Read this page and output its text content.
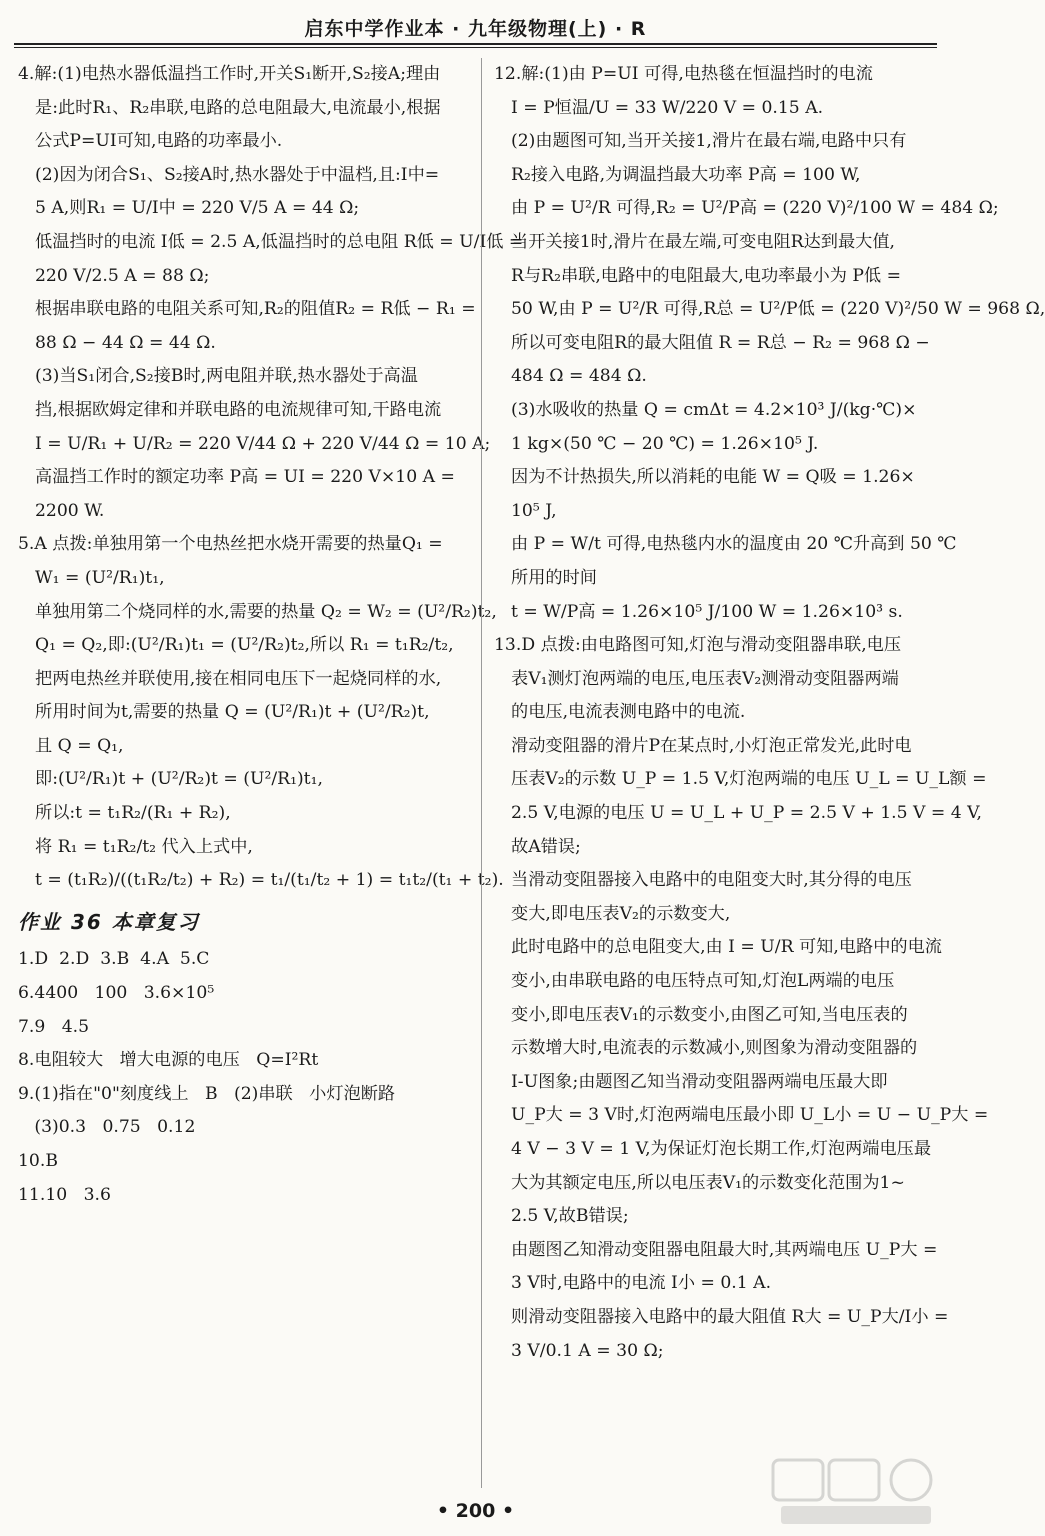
启东中学作业本 · 九年级物理(上) · R
4.解:(1)电热水器低温挡工作时,开关S₁断开,S₂接A;理由
是:此时R₁、R₂串联,电路的总电阻最大,电流最小,根据
公式P=UI可知,电路的功率最小.
(2)因为闭合S₁、S₂接A时,热水器处于中温档,且:I中=
5 A,则R₁ = U/I中 = 220 V/5 A = 44 Ω;
低温挡时的电流 I低 = 2.5 A,低温挡时的总电阻 R低 = U/I低 =
220 V/2.5 A = 88 Ω;
根据串联电路的电阻关系可知,R₂的阻值R₂ = R低 − R₁ =
88 Ω − 44 Ω = 44 Ω.
(3)当S₁闭合,S₂接B时,两电阻并联,热水器处于高温
挡,根据欧姆定律和并联电路的电流规律可知,干路电流
I = U/R₁ + U/R₂ = 220 V/44 Ω + 220 V/44 Ω = 10 A;
高温挡工作时的额定功率 P高 = UI = 220 V×10 A =
2200 W.
5.A 点拨:单独用第一个电热丝把水烧开需要的热量Q₁ =
W₁ = (U²/R₁)t₁,
单独用第二个烧同样的水,需要的热量 Q₂ = W₂ = (U²/R₂)t₂,
Q₁ = Q₂,即:(U²/R₁)t₁ = (U²/R₂)t₂,所以 R₁ = t₁R₂/t₂,
把两电热丝并联使用,接在相同电压下一起烧同样的水,
所用时间为t,需要的热量 Q = (U²/R₁)t + (U²/R₂)t,
且 Q = Q₁,
即:(U²/R₁)t + (U²/R₂)t = (U²/R₁)t₁,
所以:t = t₁R₂/(R₁ + R₂),
将 R₁ = t₁R₂/t₂ 代入上式中,
t = (t₁R₂)/((t₁R₂/t₂) + R₂) = t₁/(t₁/t₂ + 1) = t₁t₂/(t₁ + t₂).
作业 36 本章复习
1.D  2.D  3.B  4.A  5.C
6.4400   100   3.6×10⁵
7.9   4.5
8.电阻较大   增大电源的电压   Q=I²Rt
9.(1)指在"0"刻度线上   B   (2)串联   小灯泡断路
(3)0.3   0.75   0.12
10.B
11.10   3.6
12.解:(1)由 P=UI 可得,电热毯在恒温挡时的电流
I = P恒温/U = 33 W/220 V = 0.15 A.
(2)由题图可知,当开关接1,滑片在最右端,电路中只有
R₂接入电路,为调温挡最大功率 P高 = 100 W,
由 P = U²/R 可得,R₂ = U²/P高 = (220 V)²/100 W = 484 Ω;
当开关接1时,滑片在最左端,可变电阻R达到最大值,
R与R₂串联,电路中的电阻最大,电功率最小为 P低 =
50 W,由 P = U²/R 可得,R总 = U²/P低 = (220 V)²/50 W = 968 Ω,
所以可变电阻R的最大阻值 R = R总 − R₂ = 968 Ω −
484 Ω = 484 Ω.
(3)水吸收的热量 Q = cmΔt = 4.2×10³ J/(kg·℃)×
1 kg×(50 ℃ − 20 ℃) = 1.26×10⁵ J.
因为不计热损失,所以消耗的电能 W = Q吸 = 1.26×
10⁵ J,
由 P = W/t 可得,电热毯内水的温度由 20 ℃升高到 50 ℃
所用的时间
t = W/P高 = 1.26×10⁵ J/100 W = 1.26×10³ s.
13.D 点拨:由电路图可知,灯泡与滑动变阻器串联,电压
表V₁测灯泡两端的电压,电压表V₂测滑动变阻器两端
的电压,电流表测电路中的电流.
滑动变阻器的滑片P在某点时,小灯泡正常发光,此时电
压表V₂的示数 U_P = 1.5 V,灯泡两端的电压 U_L = U_L额 =
2.5 V,电源的电压 U = U_L + U_P = 2.5 V + 1.5 V = 4 V,
故A错误;
当滑动变阻器接入电路中的电阻变大时,其分得的电压
变大,即电压表V₂的示数变大,
此时电路中的总电阻变大,由 I = U/R 可知,电路中的电流
变小,由串联电路的电压特点可知,灯泡L两端的电压
变小,即电压表V₁的示数变小,由图乙可知,当电压表的
示数增大时,电流表的示数减小,则图象为滑动变阻器的
I-U图象;由题图乙知当滑动变阻器两端电压最大即
U_P大 = 3 V时,灯泡两端电压最小即 U_L小 = U − U_P大 =
4 V − 3 V = 1 V,为保证灯泡长期工作,灯泡两端电压最
大为其额定电压,所以电压表V₁的示数变化范围为1~
2.5 V,故B错误;
由题图乙知滑动变阻器电阻最大时,其两端电压 U_P大 =
3 V时,电路中的电流 I小 = 0.1 A.
则滑动变阻器接入电路中的最大阻值 R大 = U_P大/I小 =
3 V/0.1 A = 30 Ω;
• 200 •
